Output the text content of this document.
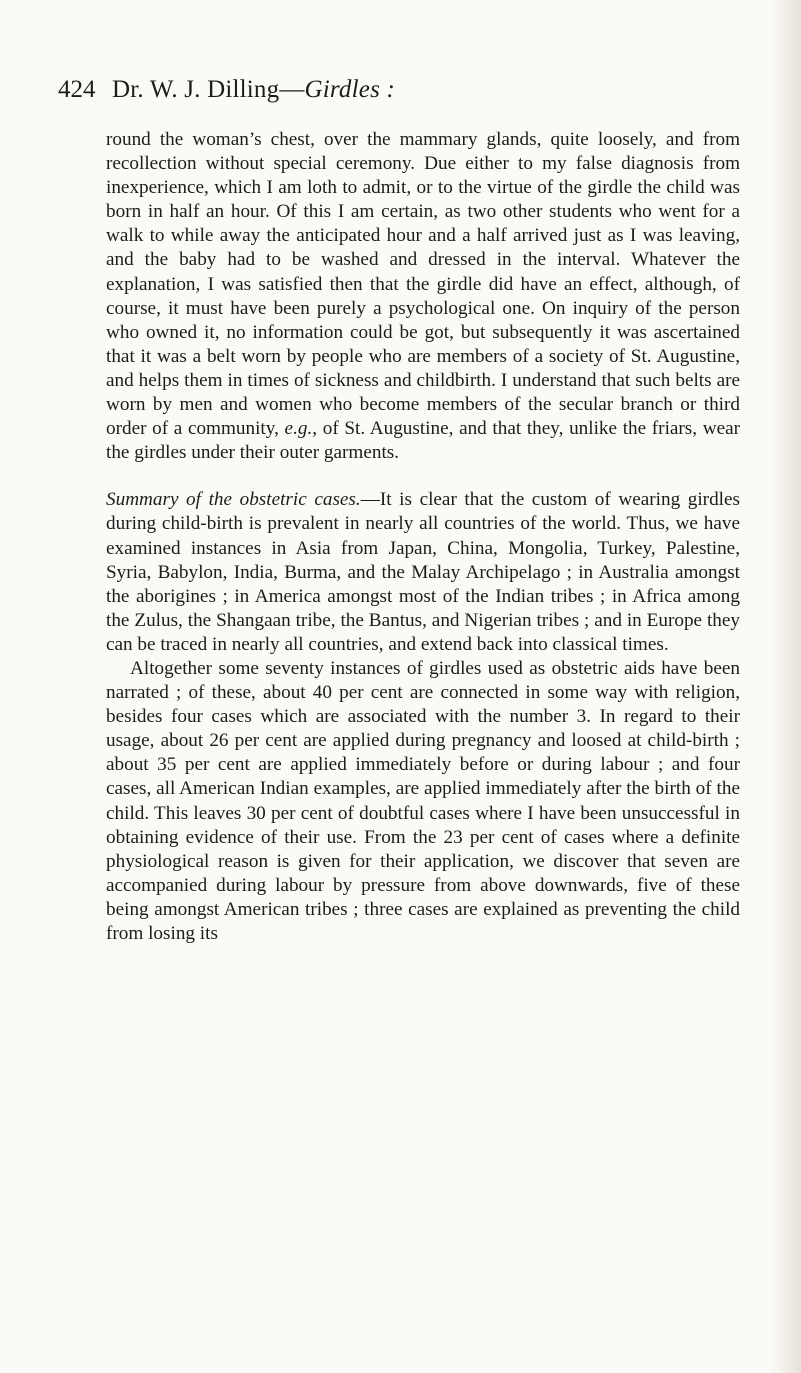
424 Dr. W. J. Dilling—Girdles :

round the woman’s chest, over the mammary glands, quite loosely, and from recollection without special ceremony. Due either to my false diagnosis from inexperience, which I am loth to admit, or to the virtue of the girdle the child was born in half an hour. Of this I am certain, as two other students who went for a walk to while away the anticipated hour and a half arrived just as I was leaving, and the baby had to be washed and dressed in the interval. Whatever the explanation, I was satisfied then that the girdle did have an effect, although, of course, it must have been purely a psychological one. On inquiry of the person who owned it, no information could be got, but subsequently it was ascertained that it was a belt worn by people who are members of a society of St. Augustine, and helps them in times of sickness and childbirth. I understand that such belts are worn by men and women who become members of the secular branch or third order of a community, e.g., of St. Augustine, and that they, unlike the friars, wear the girdles under their outer garments.

Summary of the obstetric cases.—It is clear that the custom of wearing girdles during child-birth is prevalent in nearly all countries of the world. Thus, we have examined instances in Asia from Japan, China, Mongolia, Turkey, Palestine, Syria, Babylon, India, Burma, and the Malay Archipelago ; in Australia amongst the aborigines ; in America amongst most of the Indian tribes ; in Africa among the Zulus, the Shangaan tribe, the Bantus, and Nigerian tribes ; and in Europe they can be traced in nearly all countries, and extend back into classical times.

Altogether some seventy instances of girdles used as obstetric aids have been narrated ; of these, about 40 per cent are connected in some way with religion, besides four cases which are associated with the number 3. In regard to their usage, about 26 per cent are applied during pregnancy and loosed at child-birth ; about 35 per cent are applied immediately before or during labour ; and four cases, all American Indian examples, are applied immediately after the birth of the child. This leaves 30 per cent of doubtful cases where I have been unsuccessful in obtaining evidence of their use. From the 23 per cent of cases where a definite physiological reason is given for their application, we discover that seven are accompanied during labour by pressure from above downwards, five of these being amongst American tribes ; three cases are explained as preventing the child from losing its
